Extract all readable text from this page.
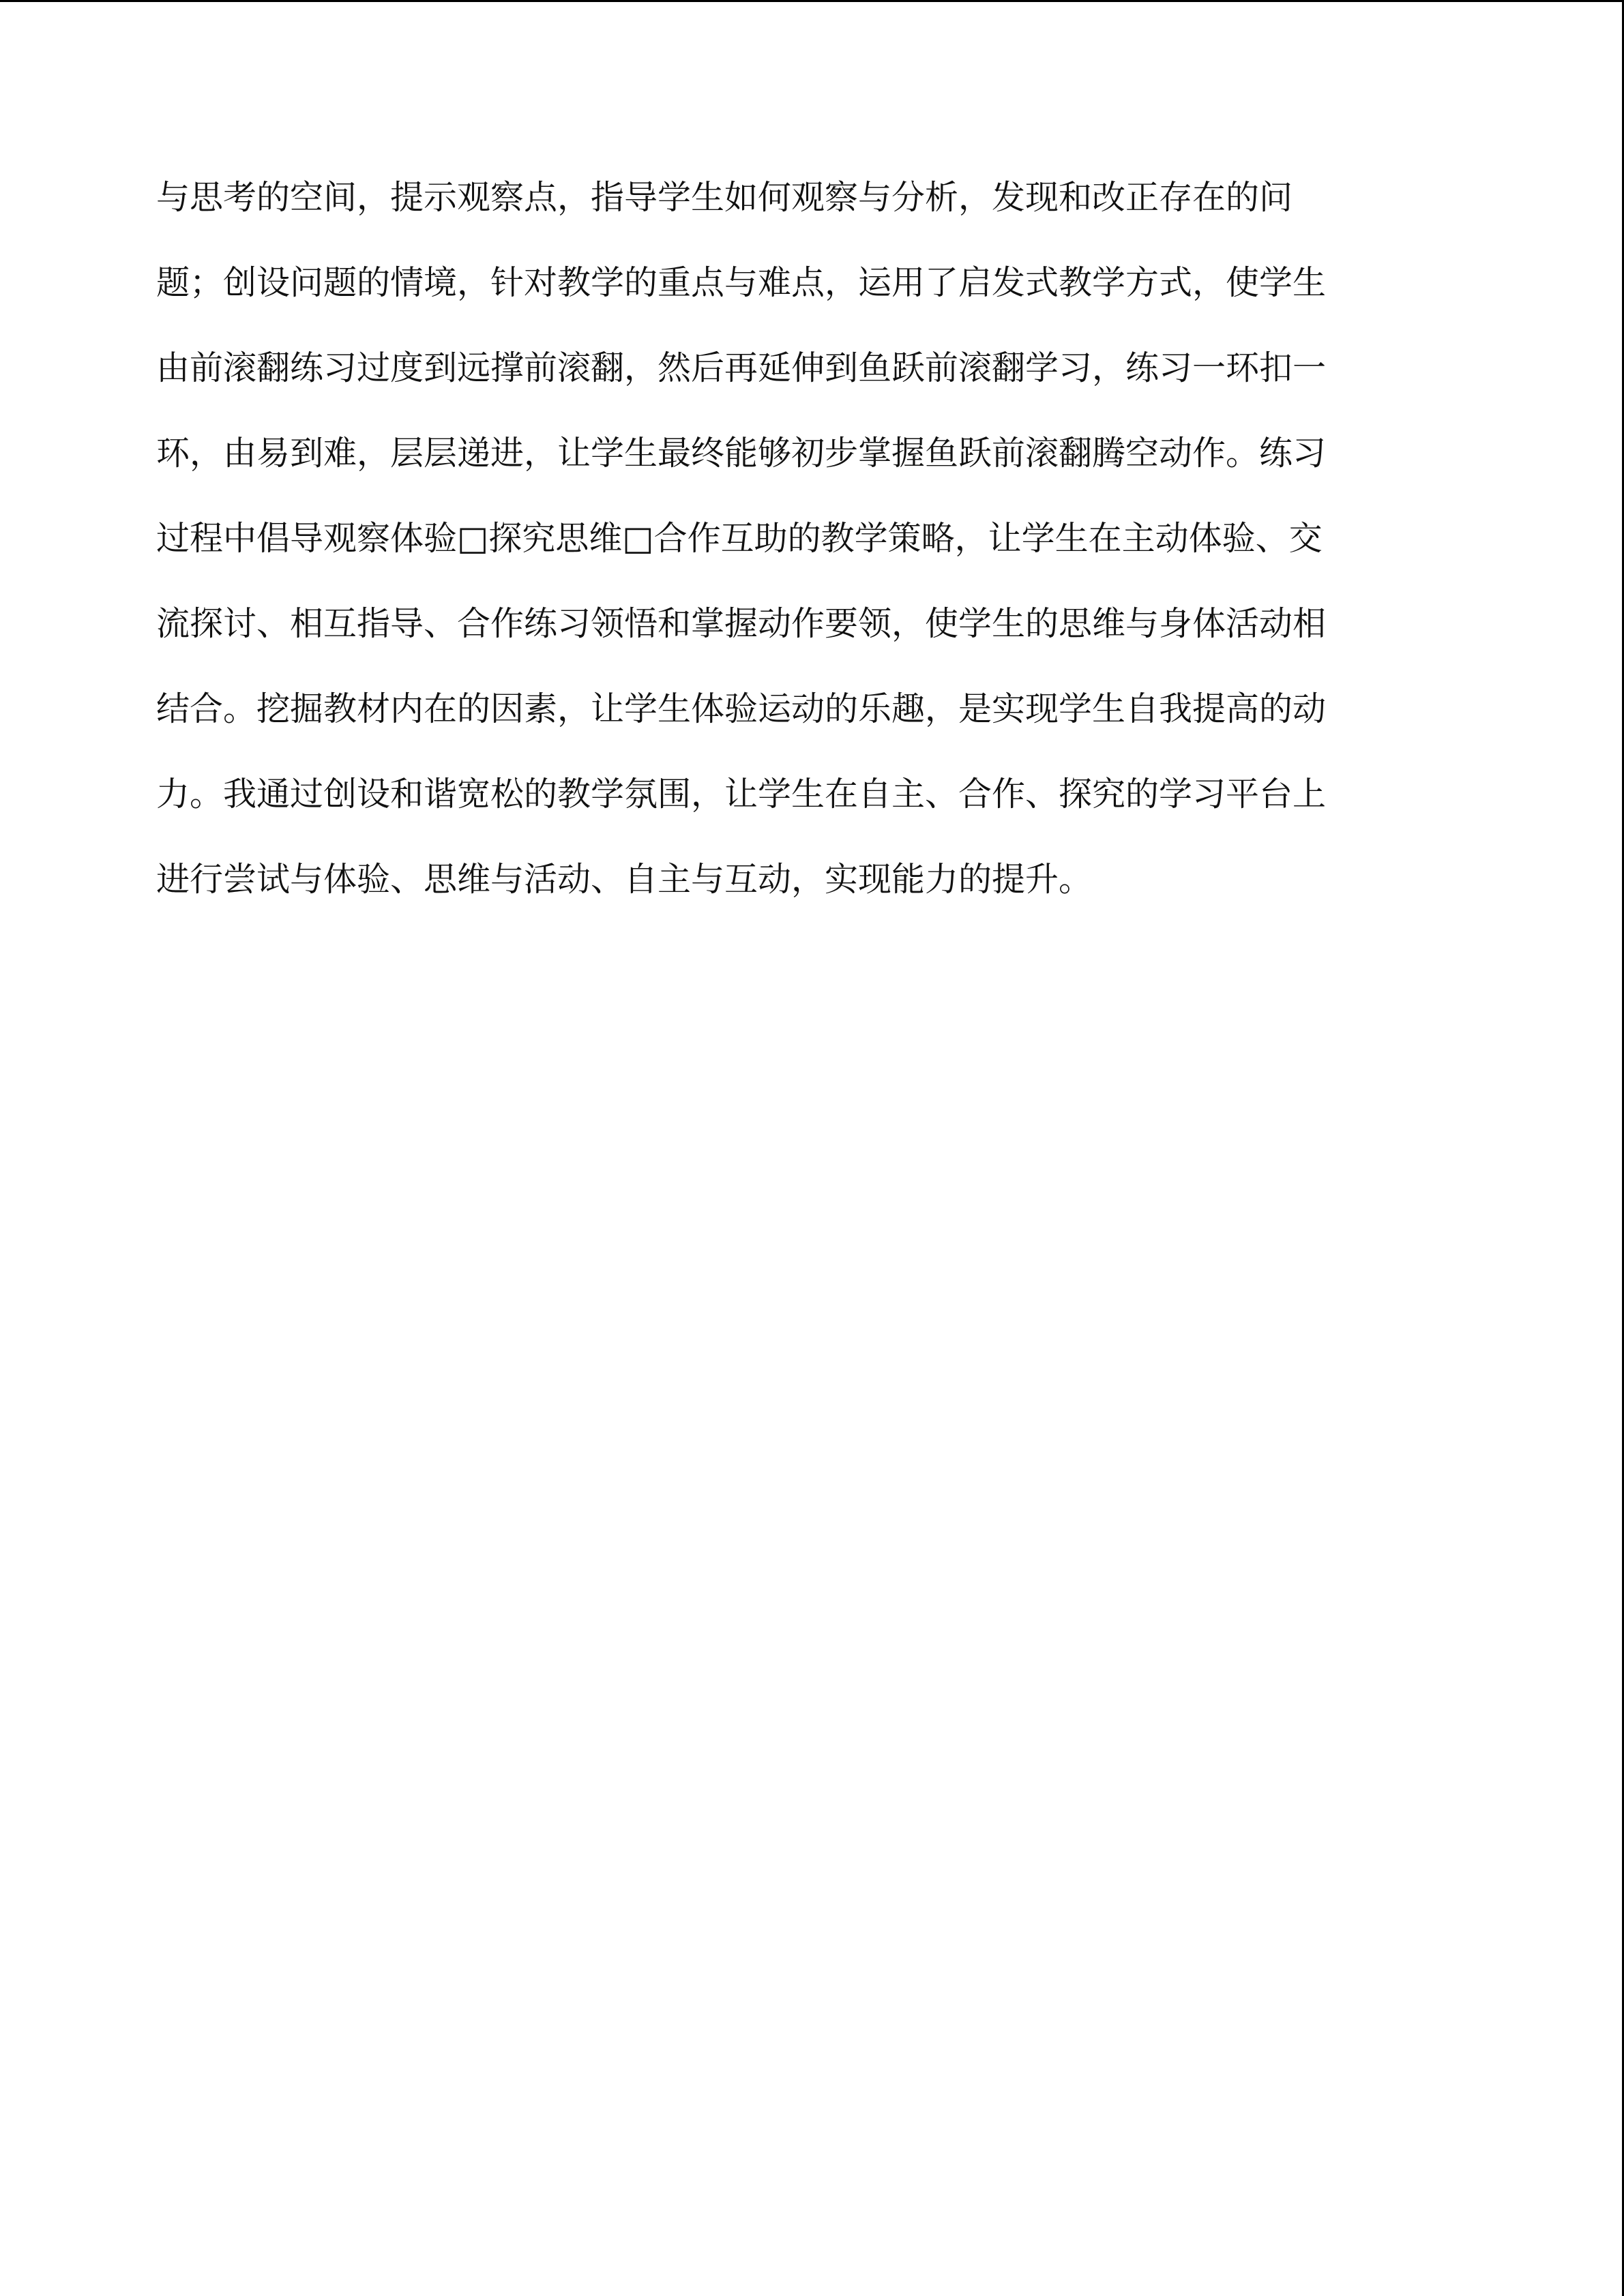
与思考的空间，提示观察点，指导学生如何观察与分析，发现和改正存在的问
题；创设问题的情境，针对教学的重点与难点，运用了启发式教学方式，使学生
由前滚翻练习过度到远撑前滚翻，然后再延伸到鱼跃前滚翻学习，练习一环扣一
环，由易到难，层层递进，让学生最终能够初步掌握鱼跃前滚翻腾空动作。练习
过程中倡导观察体验□探究思维□合作互助的教学策略，让学生在主动体验、交
流探讨、相互指导、合作练习领悟和掌握动作要领，使学生的思维与身体活动相
结合。挖掘教材内在的因素，让学生体验运动的乐趣，是实现学生自我提高的动
力。我通过创设和谐宽松的教学氛围，让学生在自主、合作、探究的学习平台上
进行尝试与体验、思维与活动、自主与互动，实现能力的提升。
